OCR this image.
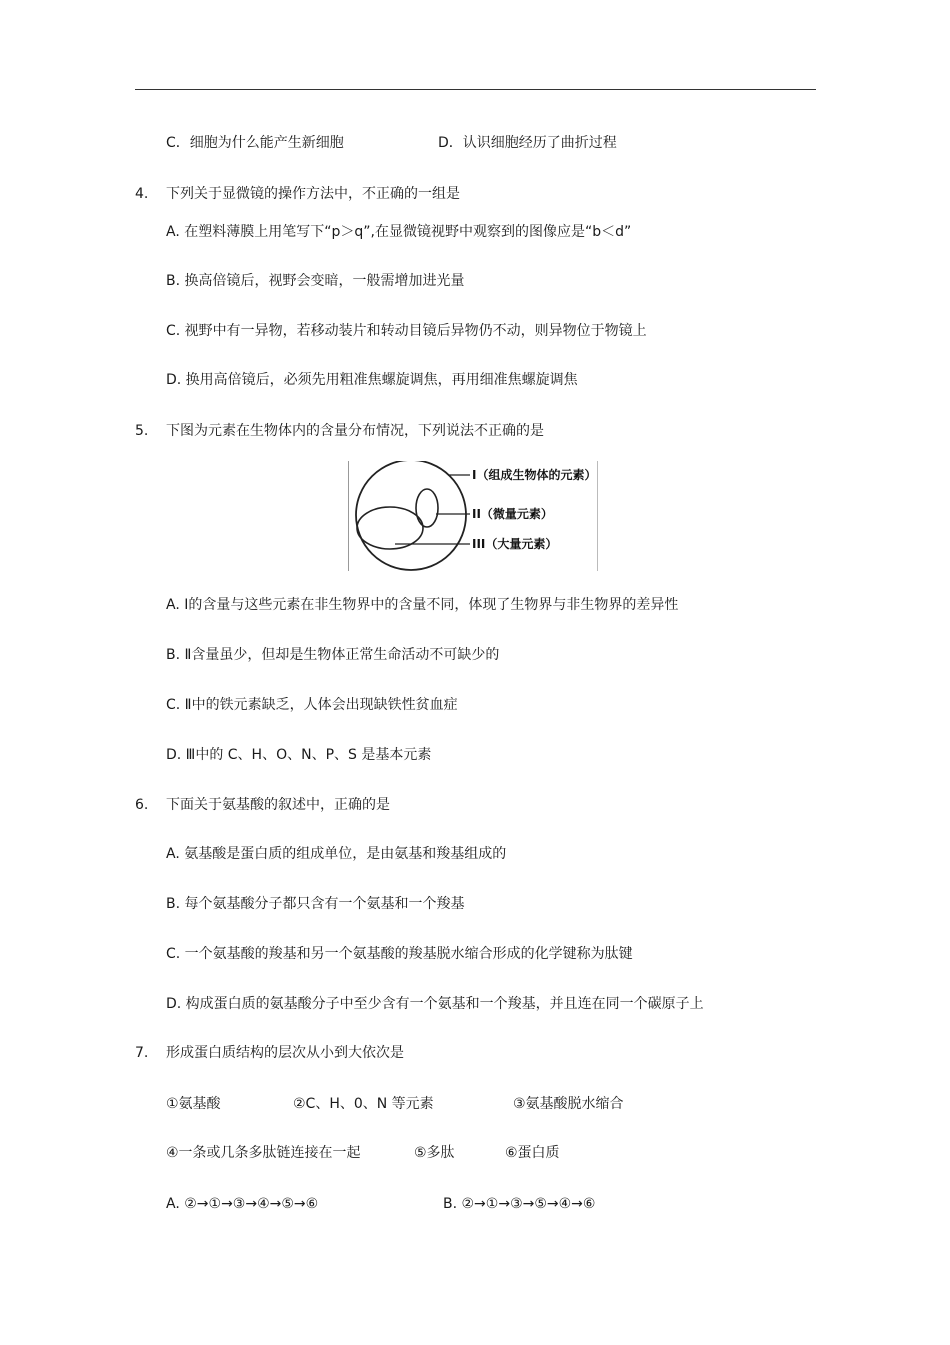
C．细胞为什么能产生新细胞	D．认识细胞经历了曲折过程
4. 下列关于显微镜的操作方法中，不正确的一组是
A. 在塑料薄膜上用笔写下“p＞q”,在显微镜视野中观察到的图像应是“b＜d”
B. 换高倍镜后，视野会变暗，一般需增加进光量
C. 视野中有一异物，若移动装片和转动目镜后异物仍不动，则异物位于物镜上
D. 换用高倍镜后，必须先用粗准焦螺旋调焦，再用细准焦螺旋调焦
5. 下图为元素在生物体内的含量分布情况，下列说法不正确的是
I（组成生物体的元素）
II（微量元素）
III（大量元素）
A. Ⅰ的含量与这些元素在非生物界中的含量不同，体现了生物界与非生物界的差异性
B. Ⅱ含量虽少，但却是生物体正常生命活动不可缺少的
C. Ⅱ中的铁元素缺乏，人体会出现缺铁性贫血症
D. Ⅲ中的 C、H、O、N、P、S 是基本元素
6. 下面关于氨基酸的叙述中，正确的是
A. 氨基酸是蛋白质的组成单位，是由氨基和羧基组成的
B. 每个氨基酸分子都只含有一个氨基和一个羧基
C. 一个氨基酸的羧基和另一个氨基酸的羧基脱水缩合形成的化学键称为肽键
D. 构成蛋白质的氨基酸分子中至少含有一个氨基和一个羧基，并且连在同一个碳原子上
7. 形成蛋白质结构的层次从小到大依次是
①氨基酸	②C、H、0、N 等元素	③氨基酸脱水缩合
④一条或几条多肽链连接在一起	⑤多肽	⑥蛋白质
A. ②→①→③→④→⑤→⑥	B. ②→①→③→⑤→④→⑥
